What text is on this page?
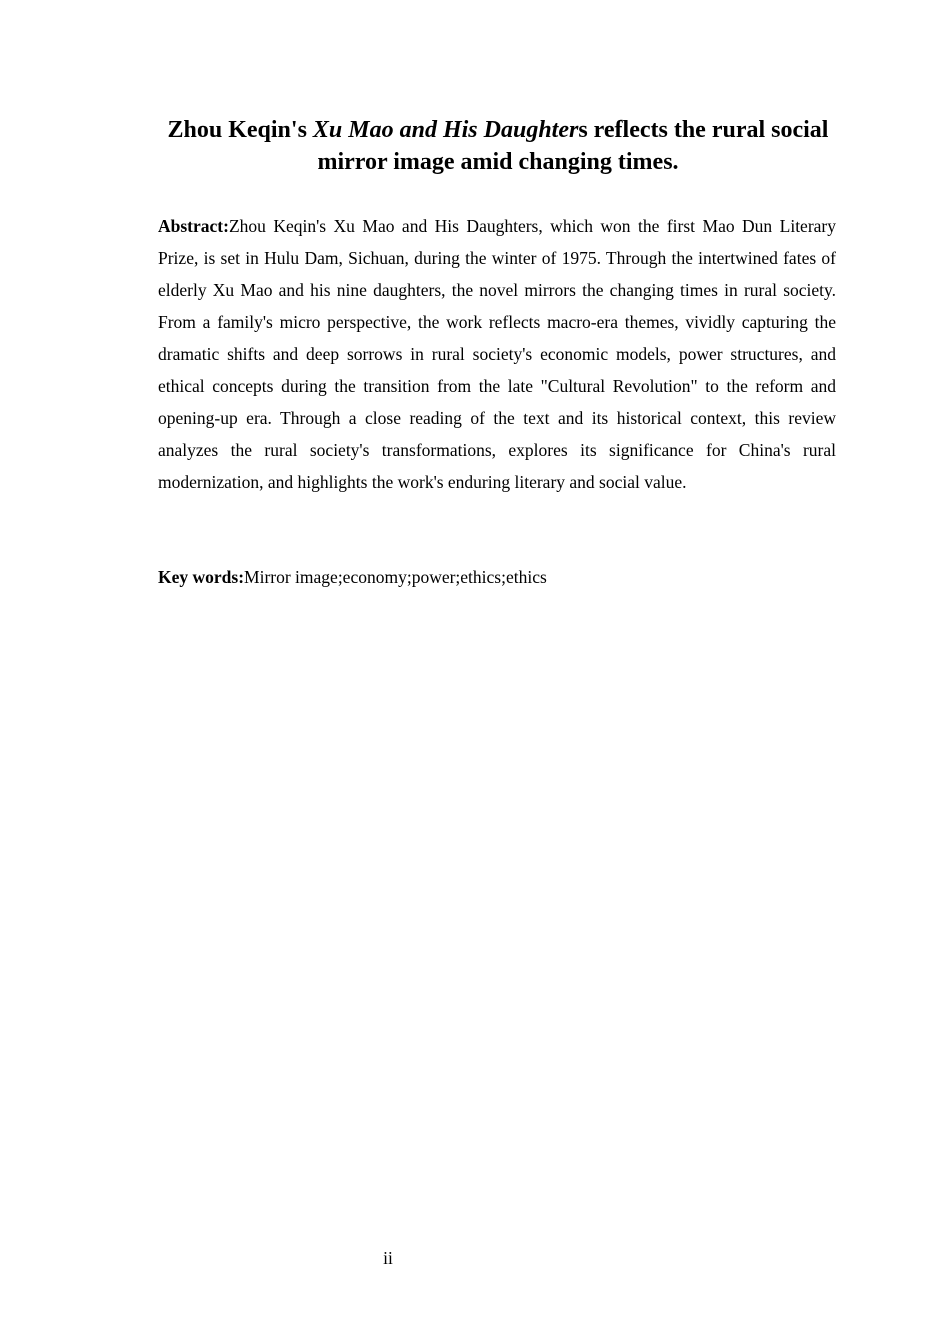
Zhou Keqin's Xu Mao and His Daughters reflects the rural social mirror image amid changing times.

Abstract:Zhou Keqin's Xu Mao and His Daughters, which won the first Mao Dun Literary Prize, is set in Hulu Dam, Sichuan, during the winter of 1975. Through the intertwined fates of elderly Xu Mao and his nine daughters, the novel mirrors the changing times in rural society. From a family's micro perspective, the work reflects macro-era themes, vividly capturing the dramatic shifts and deep sorrows in rural society's economic models, power structures, and ethical concepts during the transition from the late "Cultural Revolution" to the reform and opening-up era. Through a close reading of the text and its historical context, this review analyzes the rural society's transformations, explores its significance for China's rural modernization, and highlights the work's enduring literary and social value.

Key words:Mirror image;economy;power;ethics;ethics

ii
